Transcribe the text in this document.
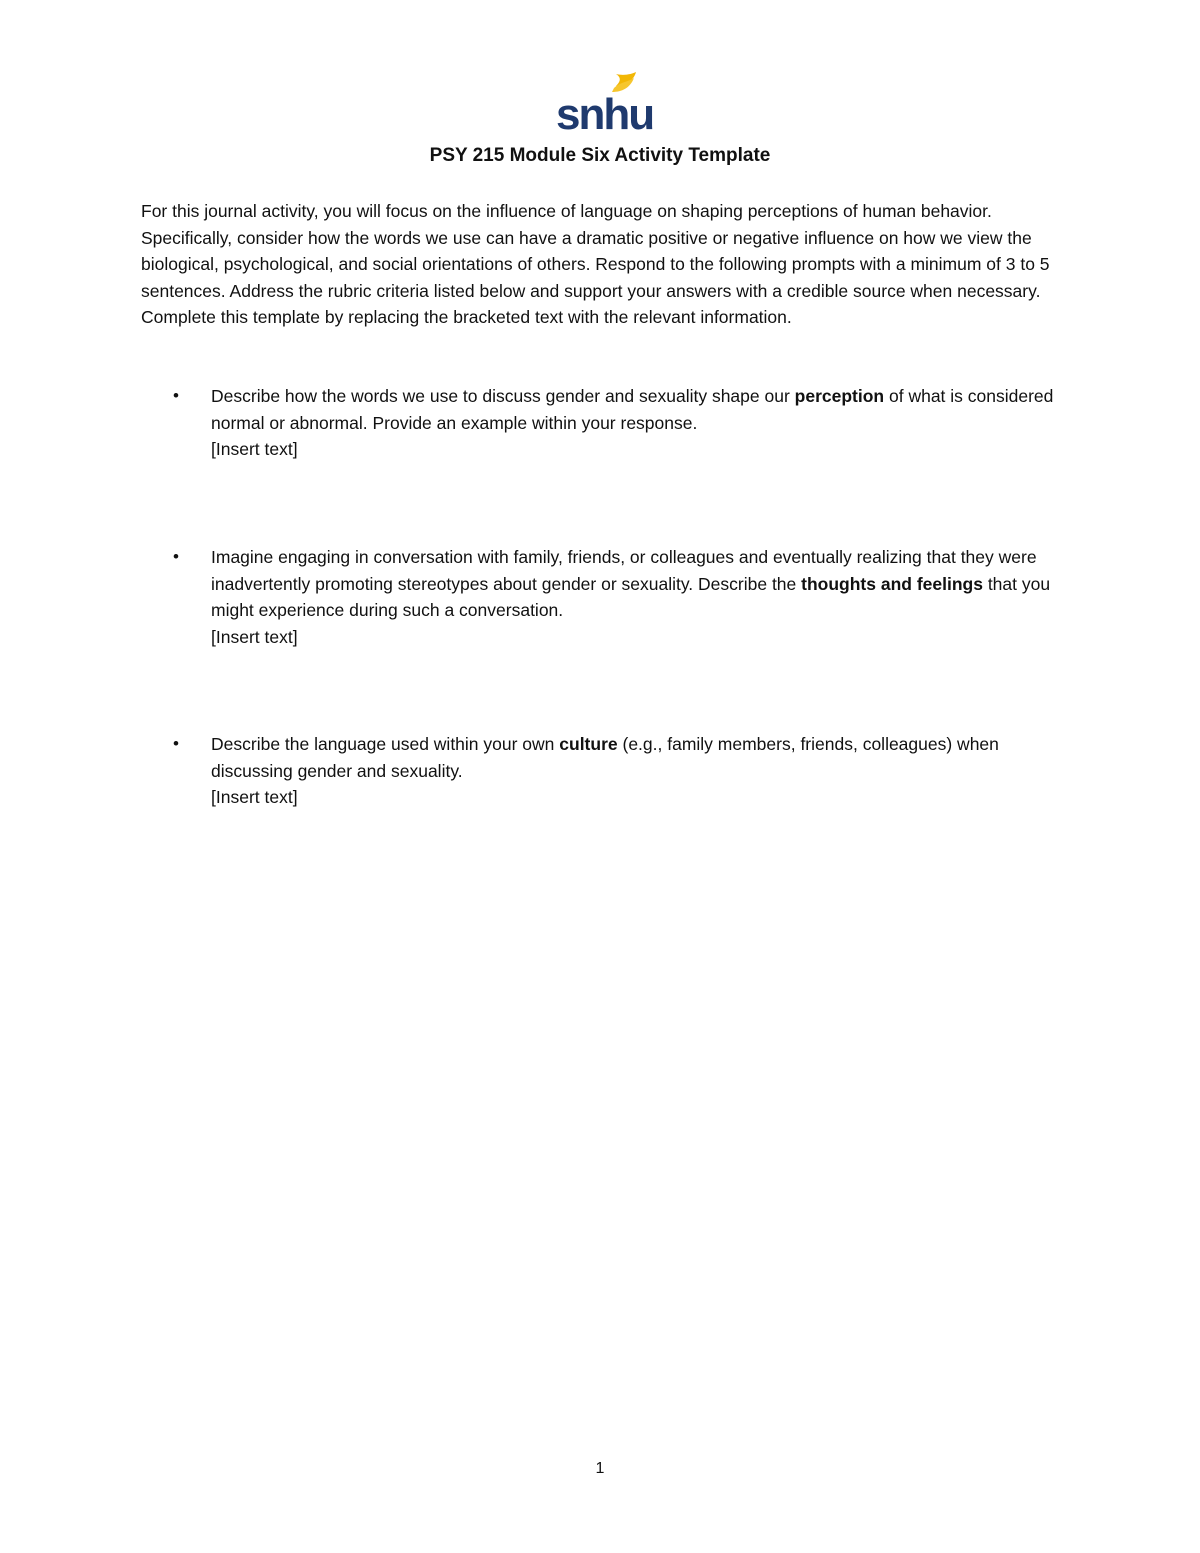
snhu
PSY 215 Module Six Activity Template

For this journal activity, you will focus on the influence of language on shaping perceptions of human behavior. Specifically, consider how the words we use can have a dramatic positive or negative influence on how we view the biological, psychological, and social orientations of others. Respond to the following prompts with a minimum of 3 to 5 sentences. Address the rubric criteria listed below and support your answers with a credible source when necessary. Complete this template by replacing the bracketed text with the relevant information.

•	Describe how the words we use to discuss gender and sexuality shape our perception of what is considered normal or abnormal. Provide an example within your response.
[Insert text]
•	Imagine engaging in conversation with family, friends, or colleagues and eventually realizing that they were inadvertently promoting stereotypes about gender or sexuality. Describe the thoughts and feelings that you might experience during such a conversation.
[Insert text]
•	Describe the language used within your own culture (e.g., family members, friends, colleagues) when discussing gender and sexuality.
[Insert text]
1
